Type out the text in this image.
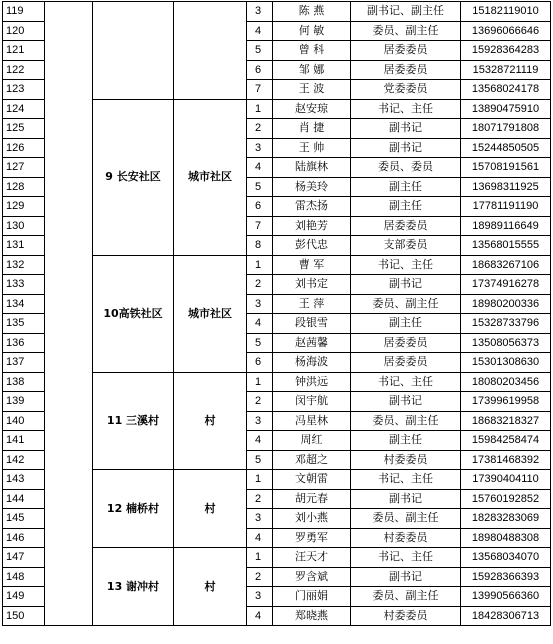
119				3	陈 燕	副书记、副主任	15182119010
120				4	何 敏	委员、副主任	13696066646
121				5	曾 科	居委委员	15928364283
122				6	邹 娜	居委委员	15328721119
123				7	王 波	党委委员	13568024178
124		9 长安社区	城市社区	1	赵安琼	书记、主任	13890475910
125				2	肖 捷	副书记	18071791808
126				3	王 帅	副书记	15244850505
127				4	陆旗林	委员、委员	15708191561
128				5	杨美玲	副主任	13698311925
129				6	雷杰扬	副主任	17781191190
130				7	刘艳芳	居委委员	18989116649
131				8	彭代忠	支部委员	13568015555
132		10高铁社区	城市社区	1	曹 军	书记、主任	18683267106
133				2	刘书定	副书记	17374916278
134				3	王 萍	委员、副主任	18980200336
135				4	段银雪	副主任	15328733796
136				5	赵茜馨	居委委员	13508056373
137				6	杨海波	居委委员	15301308630
138		11 三溪村	村	1	钟洪远	书记、主任	18080203456
139				2	闵宇航	副书记	17399619958
140				3	冯星林	委员、副主任	18683218327
141				4	周红	副主任	15984258474
142				5	邓超之	村委委员	17381468392
143		12 楠桥村	村	1	文朝雷	书记、主任	17390404110
144				2	胡元春	副书记	15760192852
145				3	刘小燕	委员、副主任	18283283069
146				4	罗勇军	村委委员	18980488308
147		13 谢冲村	村	1	汪天才	书记、主任	13568034070
148				2	罗含斌	副书记	15928366393
149				3	门丽娟	委员、副主任	13990566360
150				4	郑晓燕	村委委员	18428306713
